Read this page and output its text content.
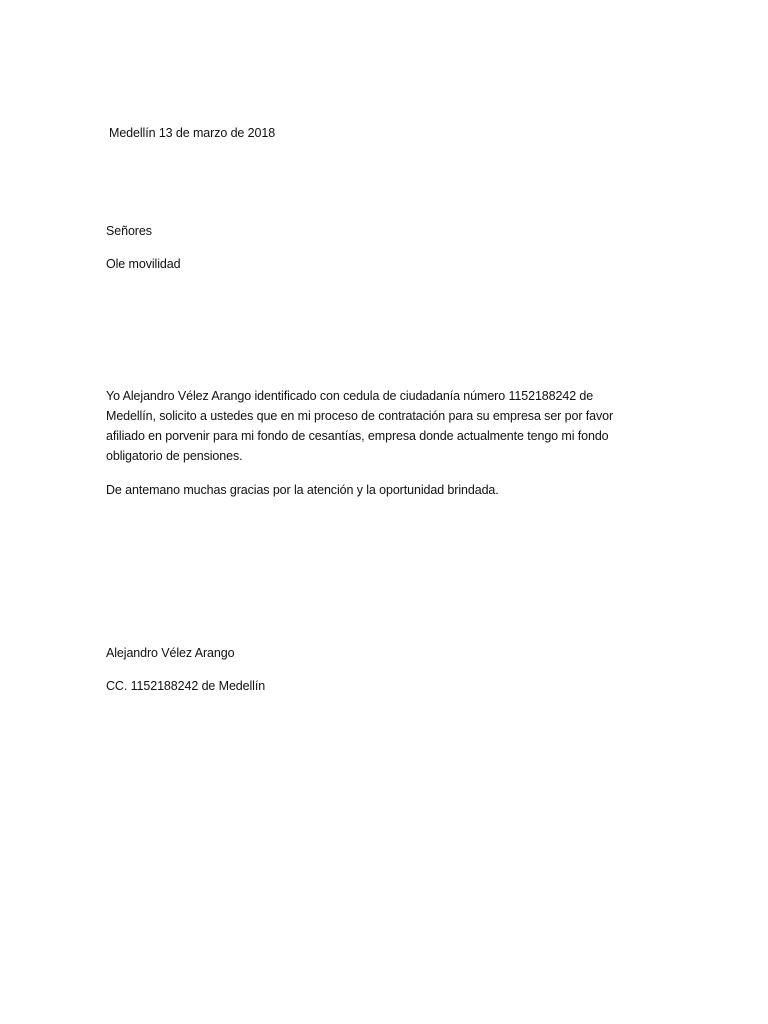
Medellín 13 de marzo de 2018
Señores
Ole movilidad
Yo Alejandro Vélez Arango identificado con cedula de ciudadanía número 1152188242 de
Medellín, solicito a ustedes que en mi proceso de contratación para su empresa ser por favor
afiliado en porvenir para mi fondo de cesantías, empresa donde actualmente tengo mi fondo
obligatorio de pensiones.
De antemano muchas gracias por la atención y la oportunidad brindada.
Alejandro Vélez Arango
CC. 1152188242 de Medellín
